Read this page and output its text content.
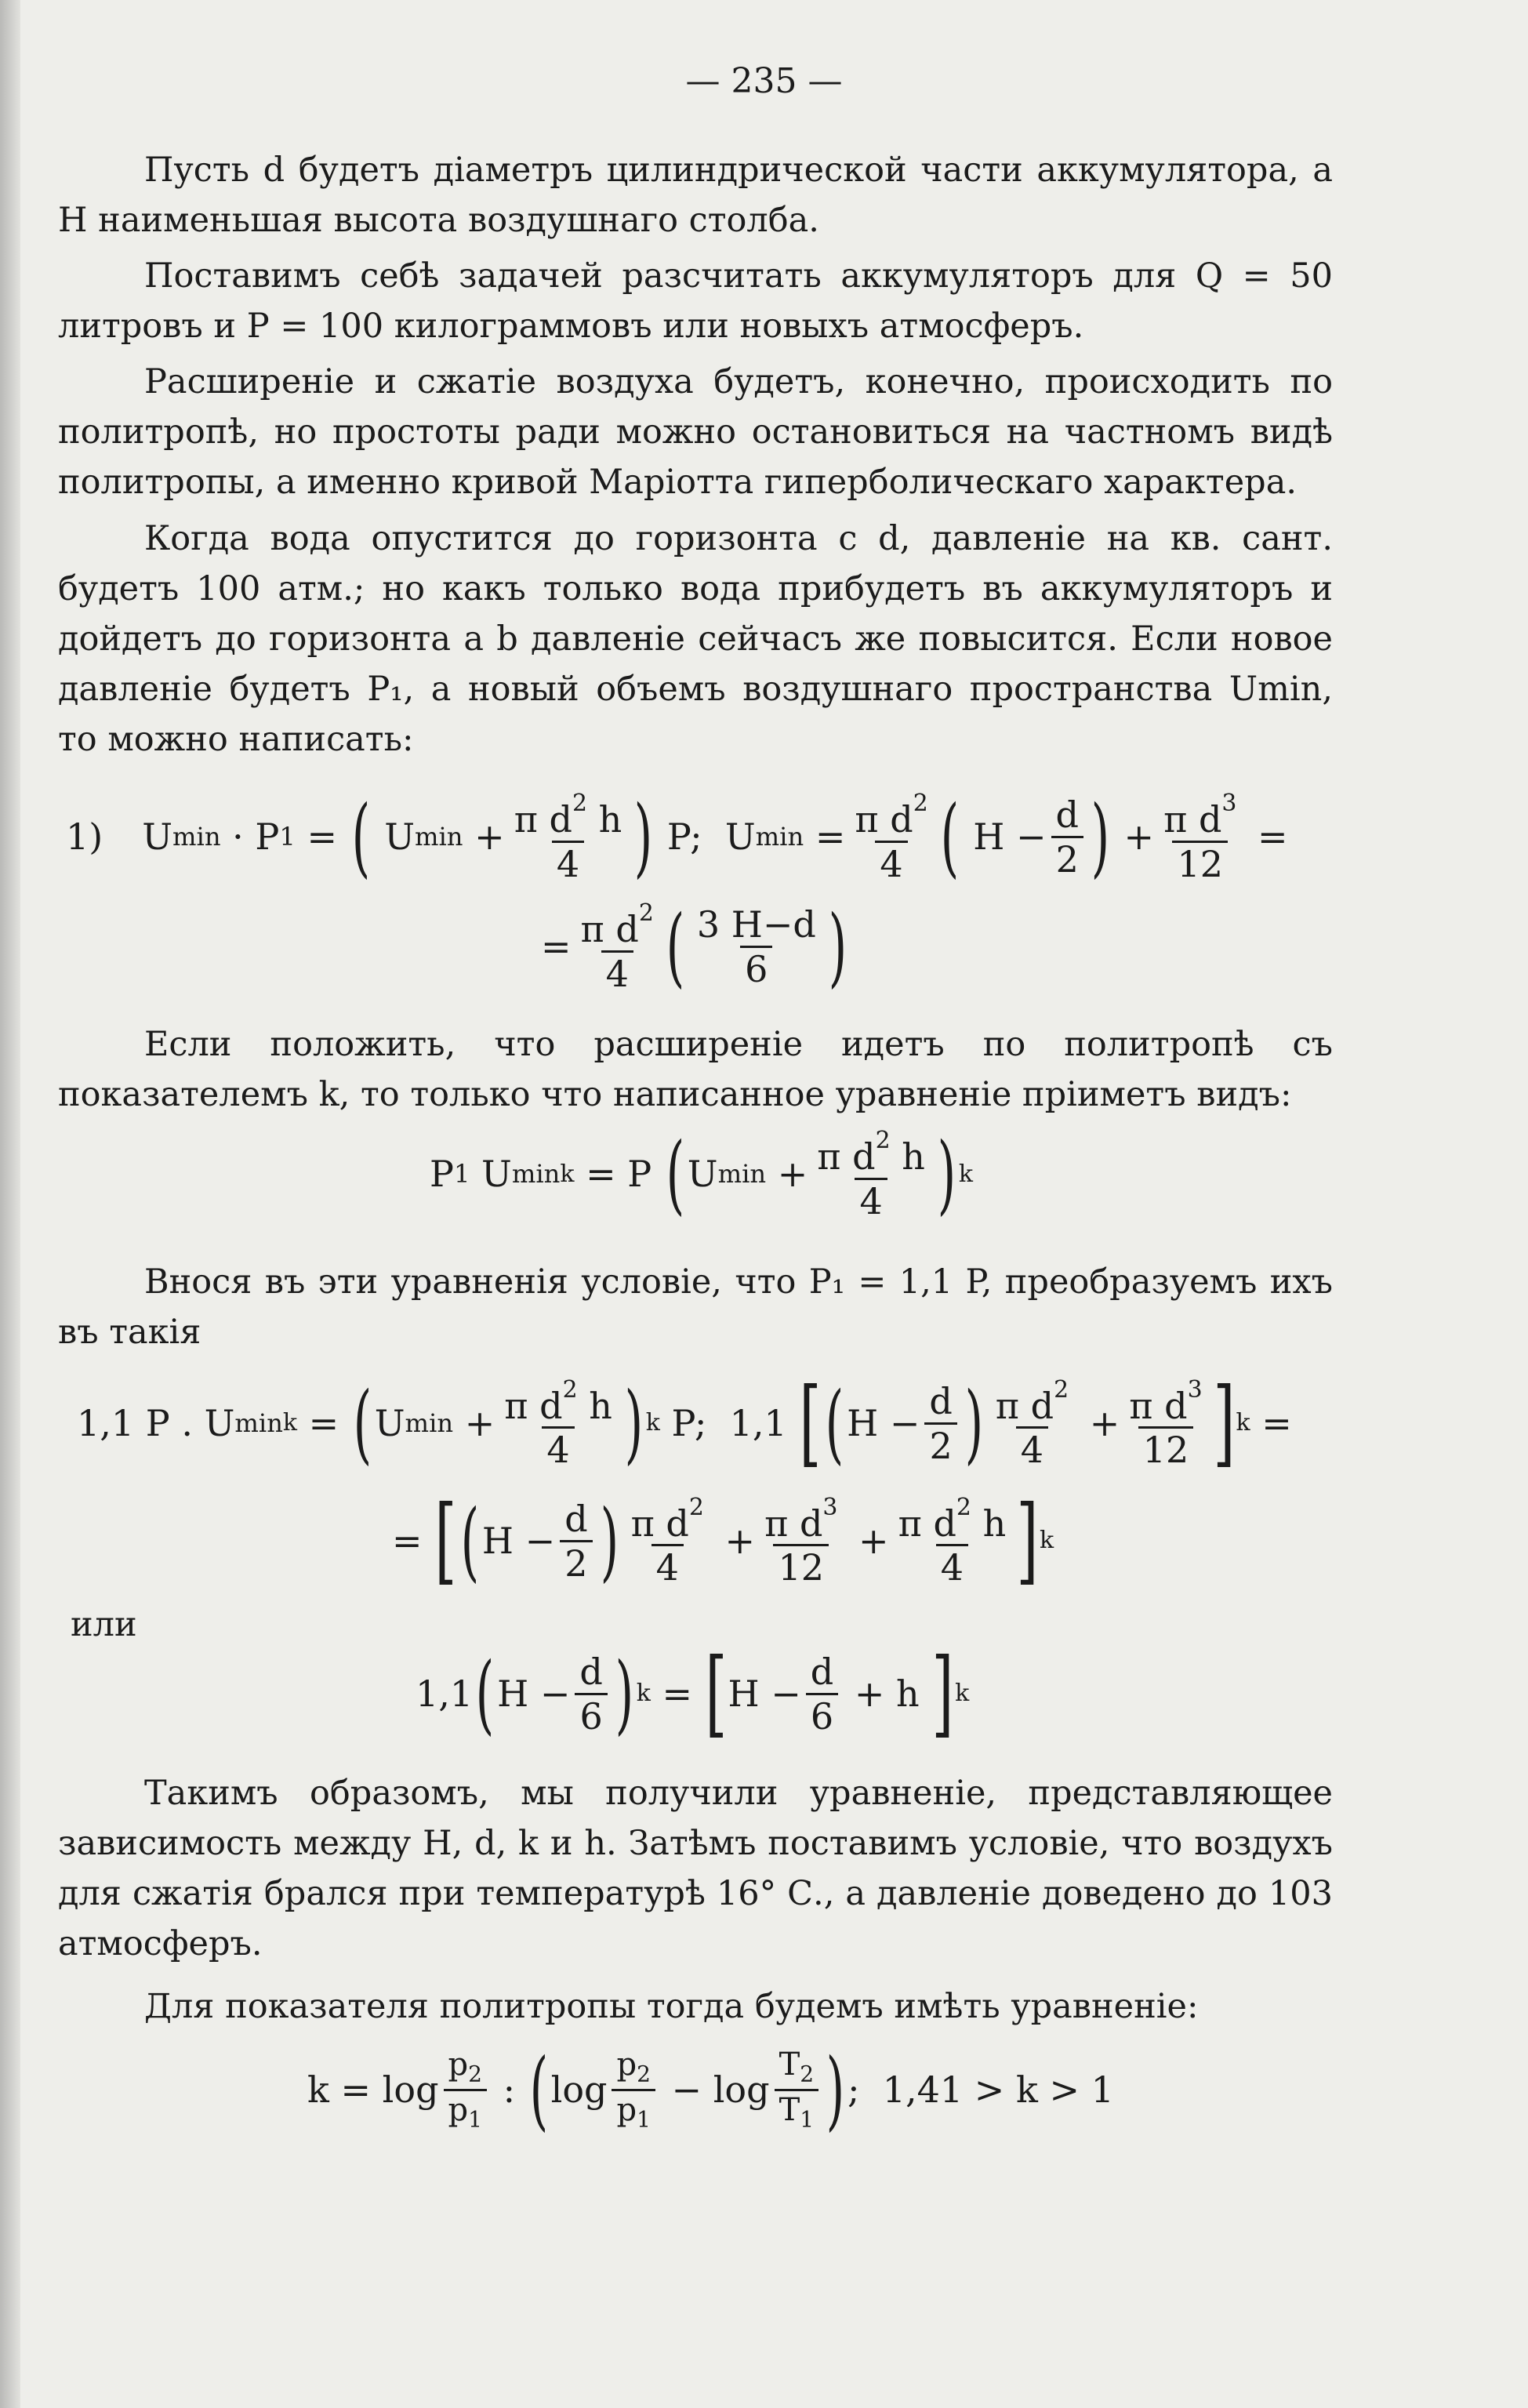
— 235 —
Пусть d будетъ діаметръ цилиндрической части аккумулятора, а H наименьшая высота воздушнаго столба.
Поставимъ себѣ задачей разсчитать аккумуляторъ для Q = 50 литровъ и P = 100 килограммовъ или новыхъ атмосферъ.
Расширеніе и сжатіе воздуха будетъ, конечно, происходить по политропѣ, но простоты ради можно остановиться на частномъ видѣ политропы, а именно кривой Маріотта гиперболическаго характера.
Когда вода опустится до горизонта c d, давленіе на кв. сант. будетъ 100 атм.; но какъ только вода прибудетъ въ аккумуляторъ и дойдетъ до горизонта a b давленіе сейчасъ же повысится. Если новое давленіе будетъ P₁, а новый объемъ воздушнаго пространства Umin, то можно написать:
1) U min · P 1 = ( U $\min + \frac{\pi d^2 h}{4}$ ) P;  U $\min = \frac{\pi d^2}{4}$ ( $H - \frac{d}{2}$ ) + $\frac{\pi d^3}{12}$ =
= $\frac{\pi d^2}{4}$ ( $\frac{3 H-d}{6}$ )
Если положить, что расширеніе идетъ по политропѣ съ показателемъ k, то только что написанное уравненіе пріиметъ видъ:
P 1 U min k = P ( U $\min + \frac{\pi d^2 h}{4}$ ) k
Внося въ эти уравненія условіе, что P₁ = 1,1 P, преобразуемъ ихъ въ такія
1,1 P . U min k = ( U $\min + \frac{\pi d^2 h}{4}$ ) k P;  1,1 [ ( $H - \frac{d}{2}$ ) $\frac{\pi d^2}{4} + \frac{\pi d^3}{12}$ ] k =
= [ ( $H - \frac{d}{2}$ ) $\frac{\pi d^2}{4} + \frac{\pi d^3}{12} + \frac{\pi d^2 h}{4}$ ] k
или
1,1 ( $H - \frac{d}{6}$ ) k = [ $H - \frac{d}{6} + h$ ] k
Такимъ образомъ, мы получили уравненіе, представляющее зависимость между H, d, k и h. Затѣмъ поставимъ условіе, что воздухъ для сжатія брался при температурѣ 16° С., а давленіе доведено до 103 атмосферъ.
Для показателя политропы тогда будемъ имѣть уравненіе:
$k = \log \frac{p_2}{p_1}$ : ( $\log \frac{p_2}{p_1} - \log \frac{T_2}{T_1}$ ) ;  1,41 > k > 1
